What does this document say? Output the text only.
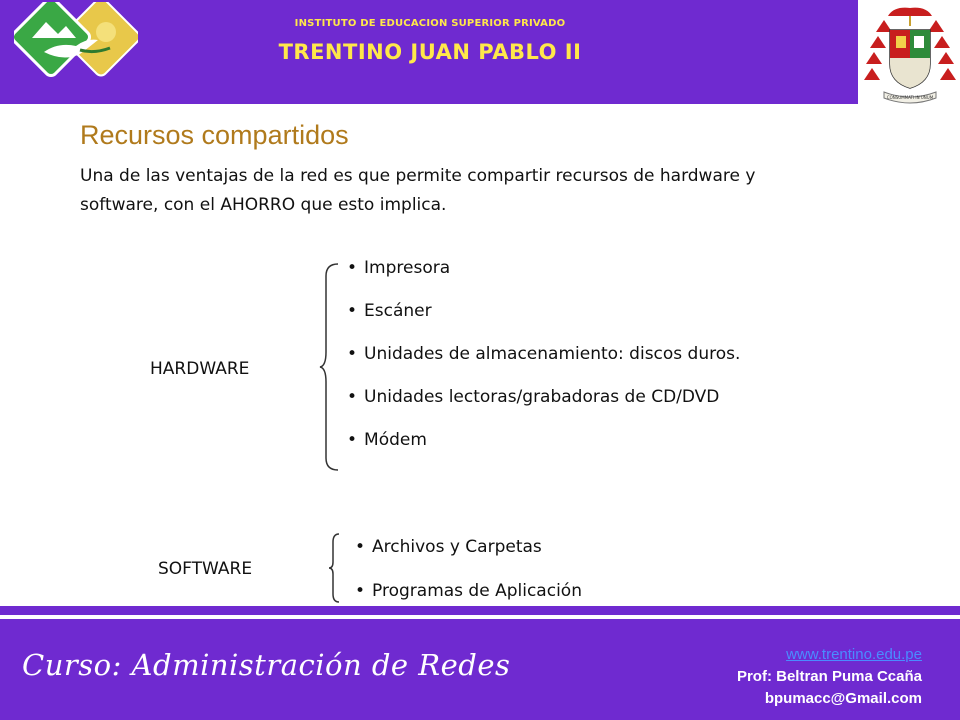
INSTITUTO DE EDUCACION SUPERIOR PRIVADO
TRENTINO JUAN PABLO II
CONSUMMATI IN UNUM
Recursos compartidos
Una de las ventajas de la red es que permite compartir recursos de hardware y software, con el AHORRO que esto implica.
HARDWARE
• Impresora
• Escáner
• Unidades de almacenamiento: discos duros.
• Unidades lectoras/grabadoras de CD/DVD
• Módem
SOFTWARE
• Archivos y Carpetas
• Programas de Aplicación
Curso: Administración de Redes	www.trentino.edu.pe
Prof: Beltran Puma Ccaña
bpumacc@Gmail.com
